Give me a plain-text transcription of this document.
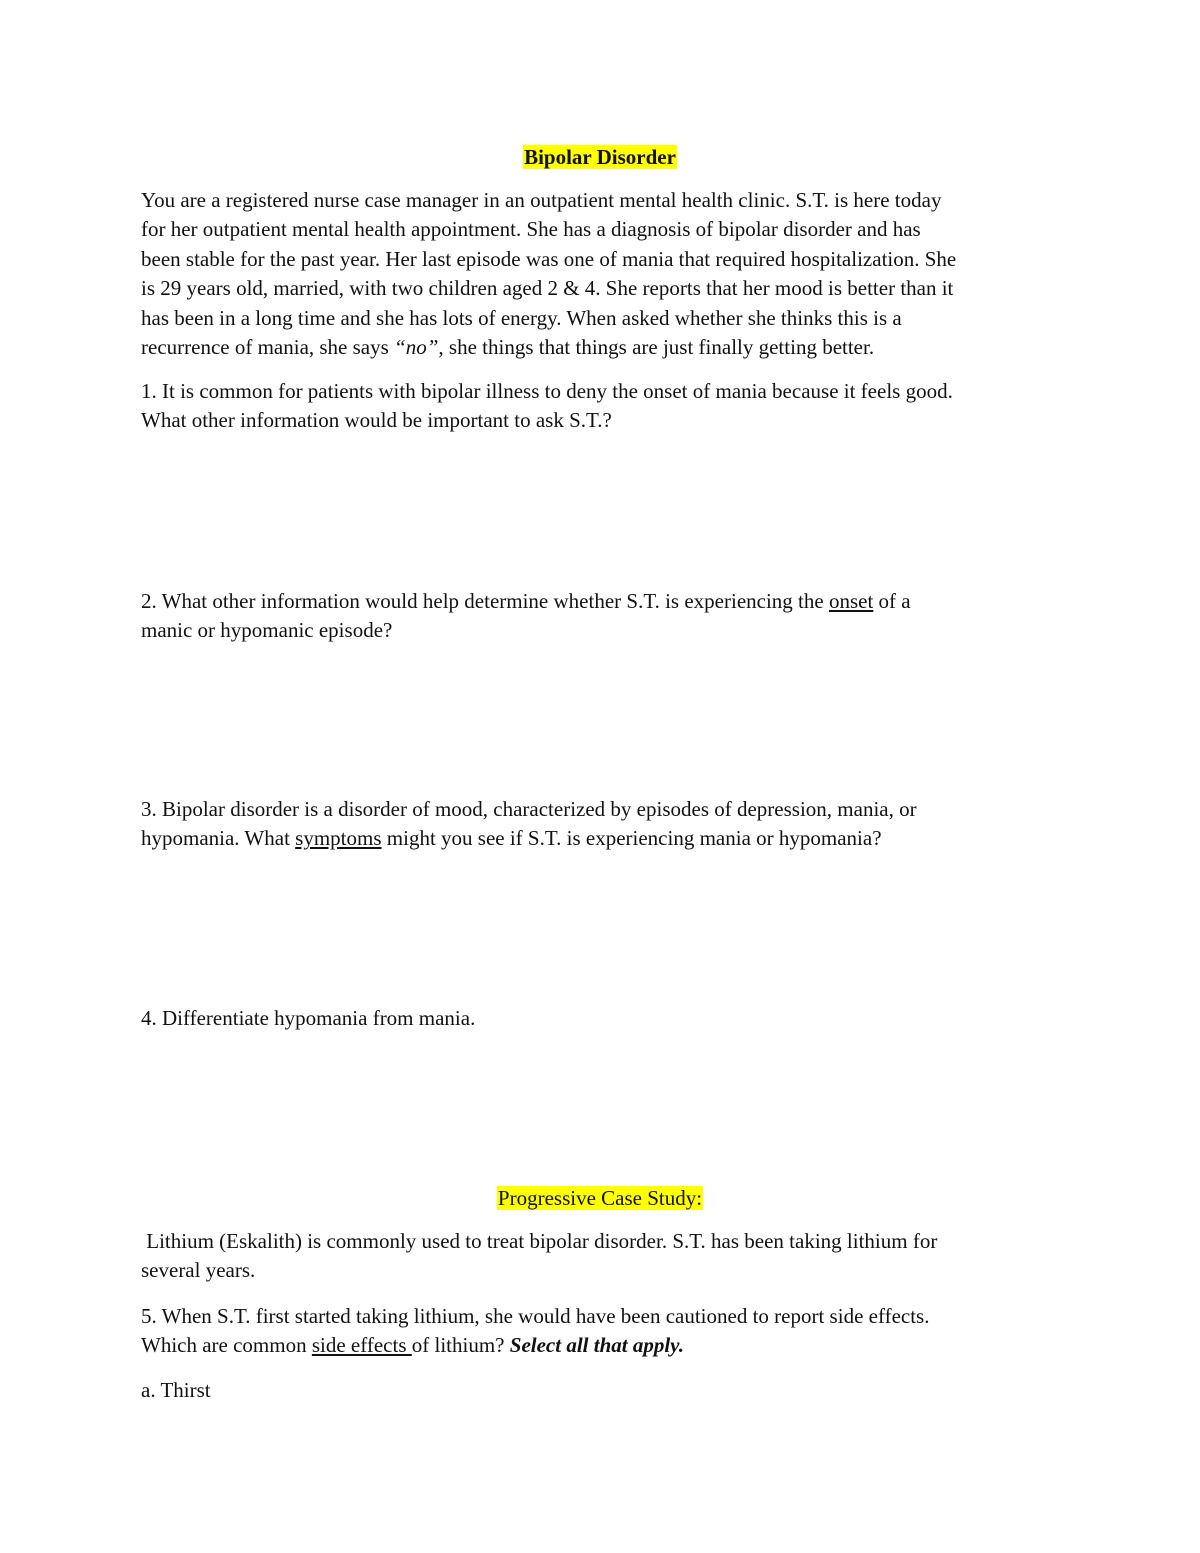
Bipolar Disorder
You are a registered nurse case manager in an outpatient mental health clinic. S.T. is here today
for her outpatient mental health appointment. She has a diagnosis of bipolar disorder and has
been stable for the past year. Her last episode was one of mania that required hospitalization. She
is 29 years old, married, with two children aged 2 & 4. She reports that her mood is better than it
has been in a long time and she has lots of energy. When asked whether she thinks this is a
recurrence of mania, she says “no”, she things that things are just finally getting better.
1. It is common for patients with bipolar illness to deny the onset of mania because it feels good.
What other information would be important to ask S.T.?
2. What other information would help determine whether S.T. is experiencing the onset of a
manic or hypomanic episode?
3. Bipolar disorder is a disorder of mood, characterized by episodes of depression, mania, or
hypomania. What symptoms might you see if S.T. is experiencing mania or hypomania?
4. Differentiate hypomania from mania.
Progressive Case Study:
Lithium (Eskalith) is commonly used to treat bipolar disorder. S.T. has been taking lithium for
several years.
5. When S.T. first started taking lithium, she would have been cautioned to report side effects.
Which are common side effects of lithium? Select all that apply.
a. Thirst
